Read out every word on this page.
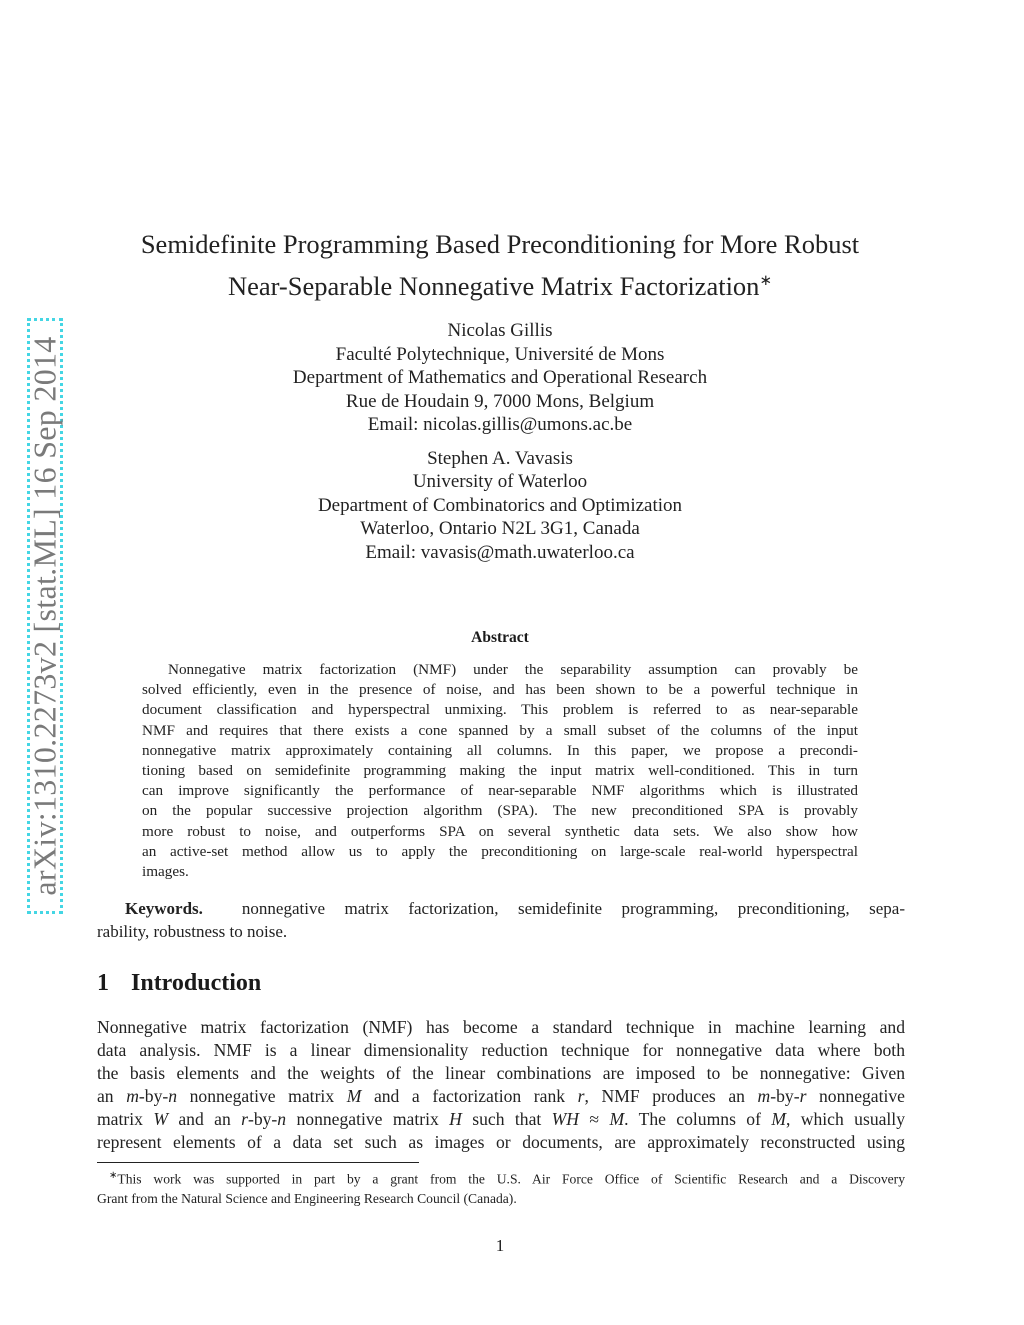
arXiv:1310.2273v2 [stat.ML] 16 Sep 2014
Semidefinite Programming Based Preconditioning for More Robust
Near-Separable Nonnegative Matrix Factorization∗
Nicolas Gillis
Faculté Polytechnique, Université de Mons
Department of Mathematics and Operational Research
Rue de Houdain 9, 7000 Mons, Belgium
Email: nicolas.gillis@umons.ac.be
Stephen A. Vavasis
University of Waterloo
Department of Combinatorics and Optimization
Waterloo, Ontario N2L 3G1, Canada
Email: vavasis@math.uwaterloo.ca
Abstract
Nonnegative matrix factorization (NMF) under the separability assumption can provably be
solved efficiently, even in the presence of noise, and has been shown to be a powerful technique in
document classification and hyperspectral unmixing. This problem is referred to as near-separable
NMF and requires that there exists a cone spanned by a small subset of the columns of the input
nonnegative matrix approximately containing all columns. In this paper, we propose a precondi-
tioning based on semidefinite programming making the input matrix well-conditioned. This in turn
can improve significantly the performance of near-separable NMF algorithms which is illustrated
on the popular successive projection algorithm (SPA). The new preconditioned SPA is provably
more robust to noise, and outperforms SPA on several synthetic data sets. We also show how
an active-set method allow us to apply the preconditioning on large-scale real-world hyperspectral
images.
Keywords. nonnegative matrix factorization, semidefinite programming, preconditioning, sepa-
rability, robustness to noise.
1 Introduction
Nonnegative matrix factorization (NMF) has become a standard technique in machine learning and
data analysis. NMF is a linear dimensionality reduction technique for nonnegative data where both
the basis elements and the weights of the linear combinations are imposed to be nonnegative: Given
an m-by-n nonnegative matrix M and a factorization rank r, NMF produces an m-by-r nonnegative
matrix W and an r-by-n nonnegative matrix H such that WH ≈ M. The columns of M, which usually
represent elements of a data set such as images or documents, are approximately reconstructed using
∗This work was supported in part by a grant from the U.S. Air Force Office of Scientific Research and a Discovery
Grant from the Natural Science and Engineering Research Council (Canada).
1
